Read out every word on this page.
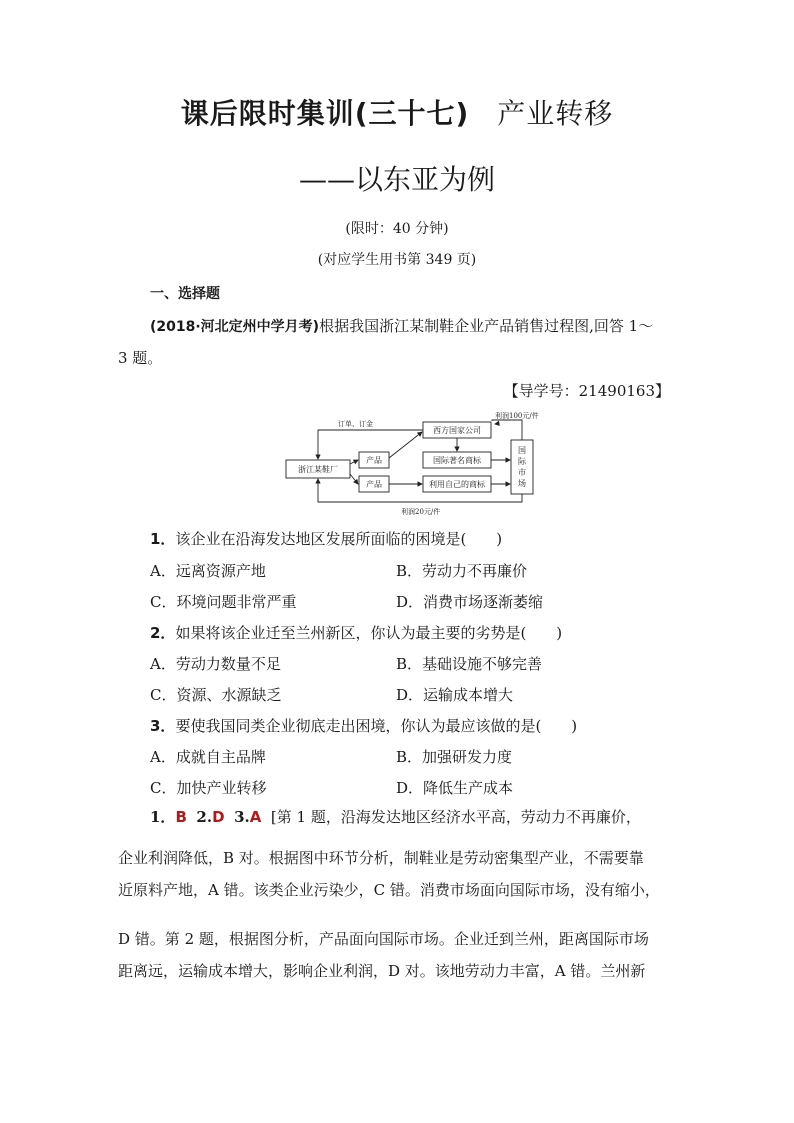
课后限时集训(三十七) 产业转移
——以东亚为例
(限时：40 分钟)
(对应学生用书第 349 页)
一、选择题
(2018·河北定州中学月考)根据我国浙江某制鞋企业产品销售过程图,回答 1～
3 题。
【导学号：21490163】
浙江某鞋厂
产品
产品
西方国家公司
国际著名商标
利用自己的商标
国
际
市
场
订单、订金
利润100元/件
利润20元/件
1．该企业在沿海发达地区发展所面临的困境是(　　)
A．远离资源产地	B．劳动力不再廉价
C．环境问题非常严重	D．消费市场逐渐萎缩
2．如果将该企业迁至兰州新区，你认为最主要的劣势是(　　)
A．劳动力数量不足	B．基础设施不够完善
C．资源、水源缺乏	D．运输成本增大
3．要使我国同类企业彻底走出困境，你认为最应该做的是(　　)
A．成就自主品牌	B．加强研发力度
C．加快产业转移	D．降低生产成本
1．B 2.D 3.A [第 1 题，沿海发达地区经济水平高，劳动力不再廉价，
企业利润降低，B 对。根据图中环节分析，制鞋业是劳动密集型产业，不需要靠
近原料产地，A 错。该类企业污染少，C 错。消费市场面向国际市场，没有缩小，
D 错。第 2 题，根据图分析，产品面向国际市场。企业迁到兰州，距离国际市场
距离远，运输成本增大，影响企业利润，D 对。该地劳动力丰富，A 错。兰州新
